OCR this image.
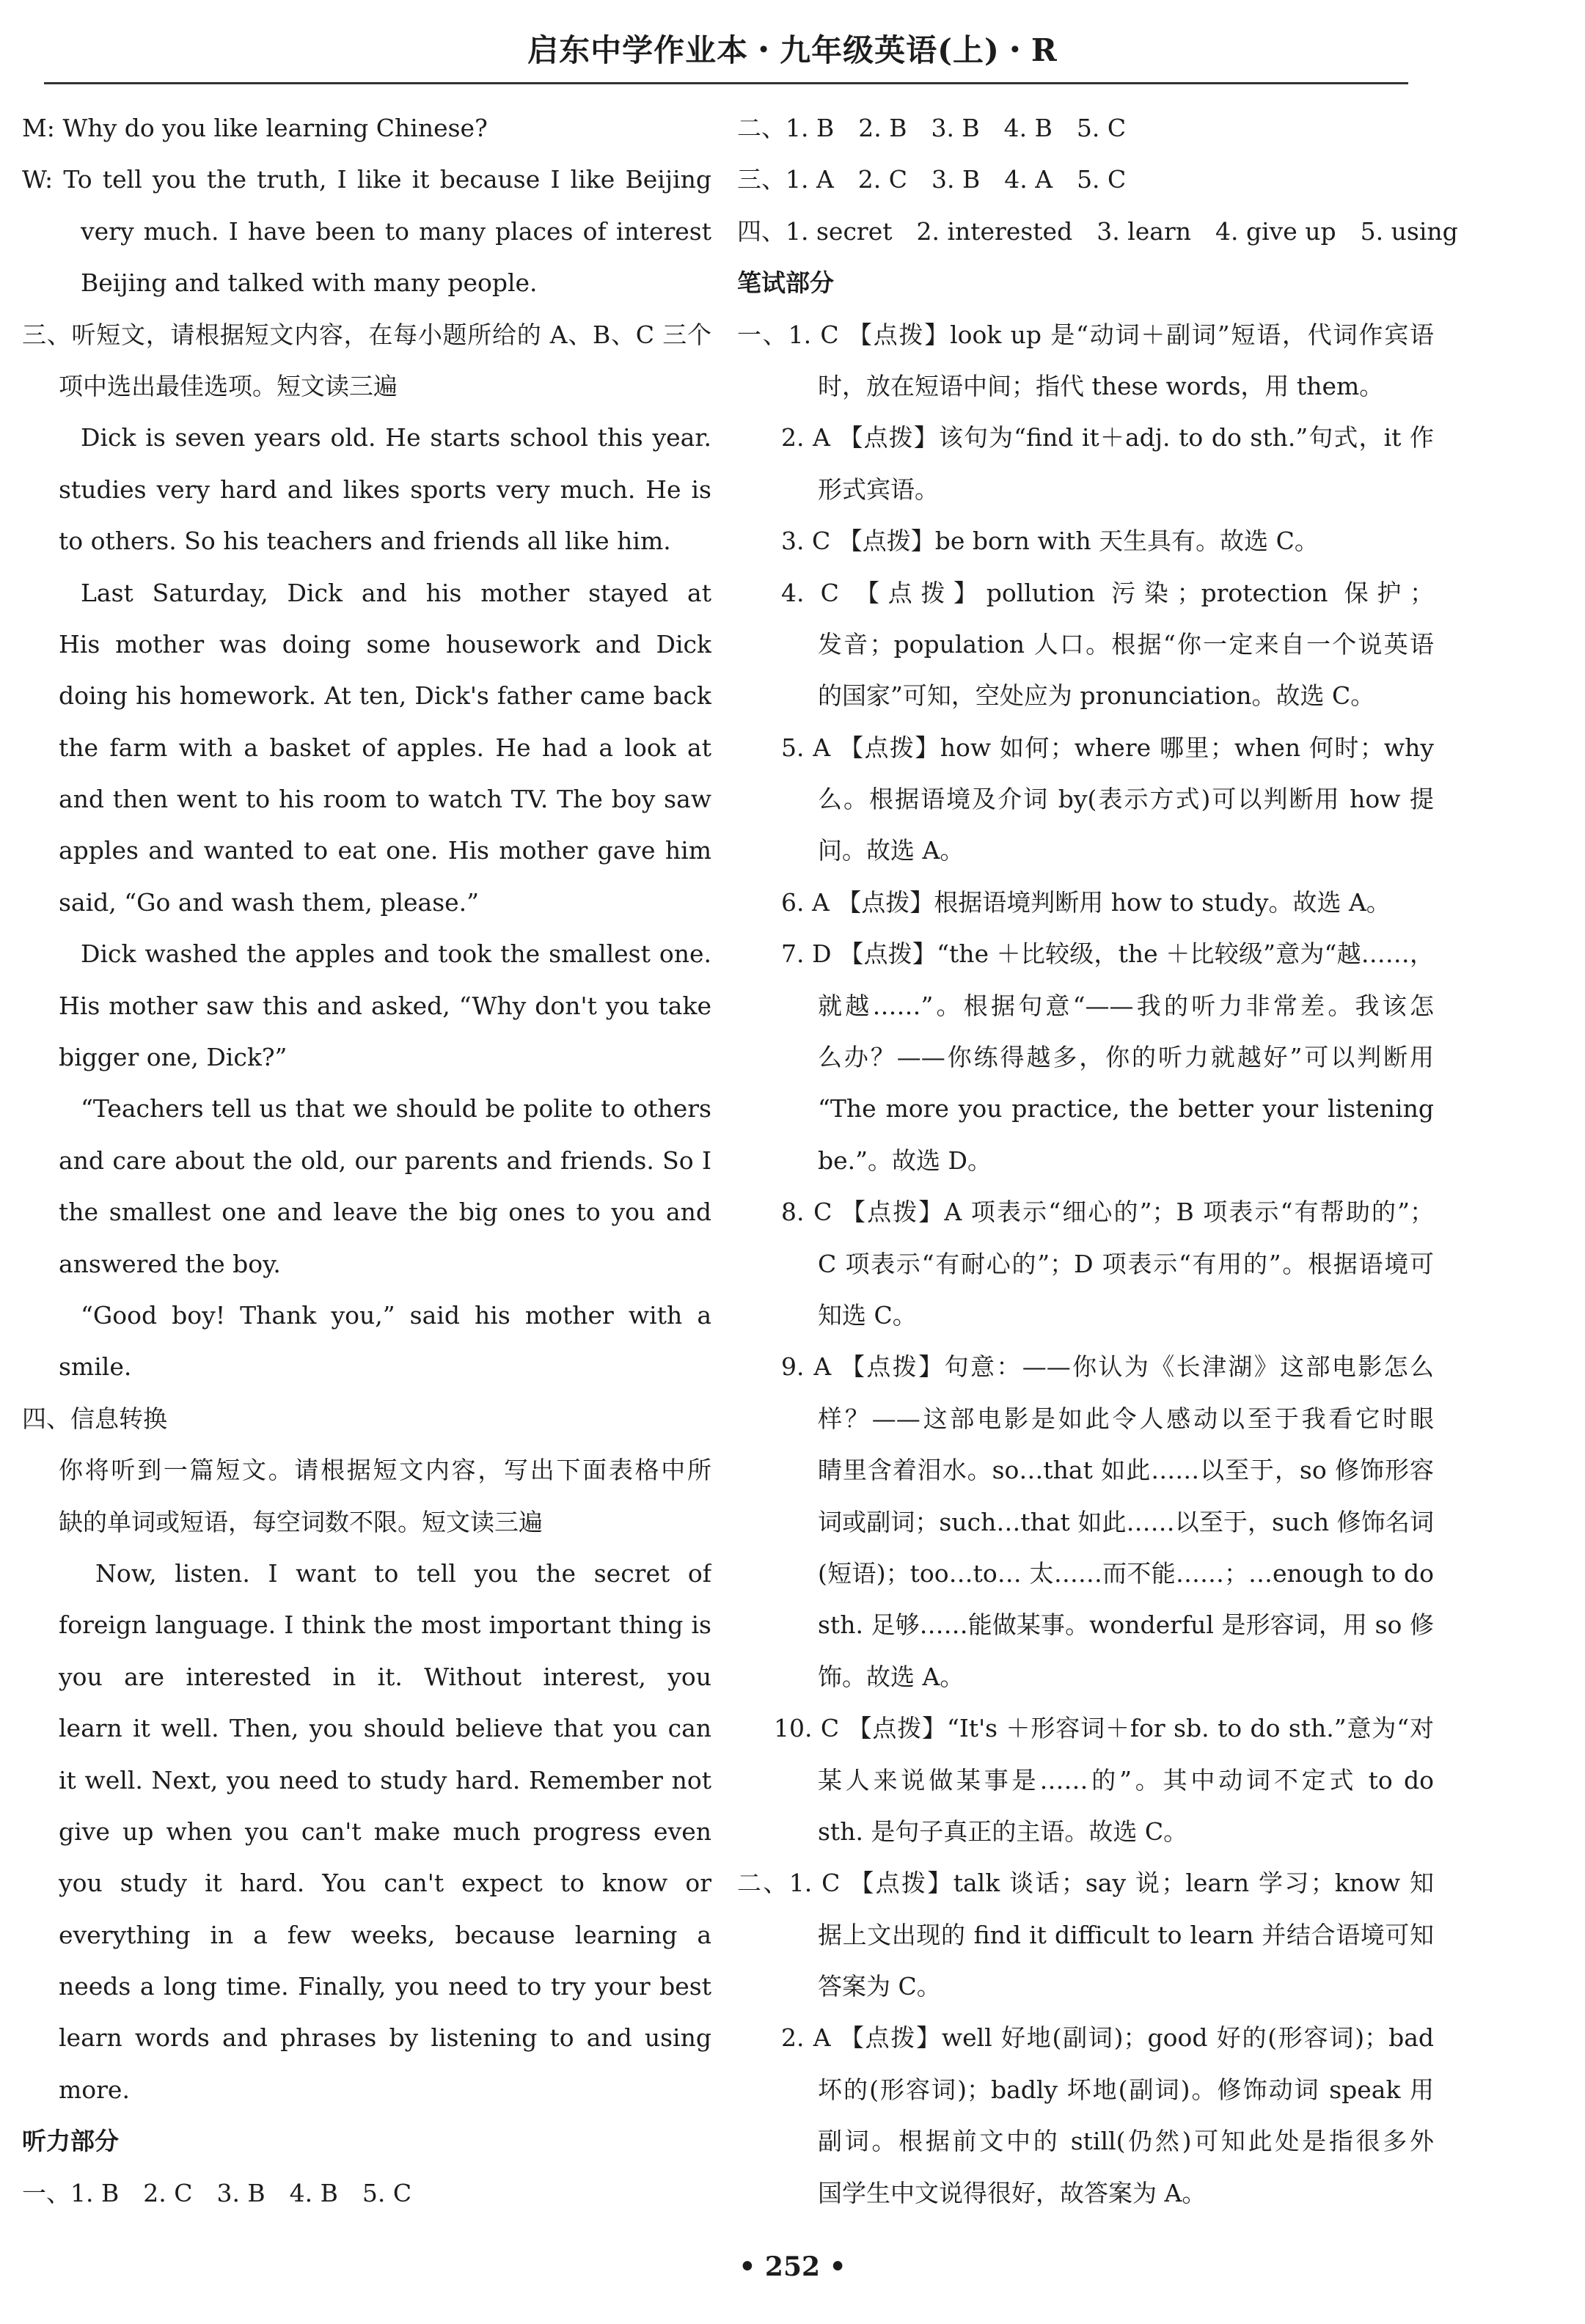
启东中学作业本・九年级英语(上)・R
M: Why do you like learning Chinese?
W: To tell you the truth, I like it because I like Beijing
very much. I have been to many places of interest
Beijing and talked with many people.
三、听短文，请根据短文内容，在每小题所给的 A、B、C 三个
项中选出最佳选项。短文读三遍
Dick is seven years old. He starts school this year.
studies very hard and likes sports very much. He is
to others. So his teachers and friends all like him.
Last Saturday, Dick and his mother stayed at
His mother was doing some housework and Dick
doing his homework. At ten, Dick's father came back
the farm with a basket of apples. He had a look at
and then went to his room to watch TV. The boy saw
apples and wanted to eat one. His mother gave him
said, “Go and wash them, please.”
Dick washed the apples and took the smallest one.
His mother saw this and asked, “Why don't you take
bigger one, Dick?”
“Teachers tell us that we should be polite to others
and care about the old, our parents and friends. So I
the smallest one and leave the big ones to you and
answered the boy.
“Good boy! Thank you,” said his mother with a
smile.
四、信息转换
你将听到一篇短文。请根据短文内容，写出下面表格中所
缺的单词或短语，每空词数不限。短文读三遍
Now, listen. I want to tell you the secret of
foreign language. I think the most important thing is
you are interested in it. Without interest, you
learn it well. Then, you should believe that you can
it well. Next, you need to study hard. Remember not
give up when you can't make much progress even
you study it hard. You can't expect to know or
everything in a few weeks, because learning a
needs a long time. Finally, you need to try your best
learn words and phrases by listening to and using
more.
听力部分
一、1. B　2. C　3. B　4. B　5. C
二、1. B　2. B　3. B　4. B　5. C
三、1. A　2. C　3. B　4. A　5. C
四、1. secret　2. interested　3. learn　4. give up　5. using
笔试部分
一、1. C 【点拨】look up 是“动词＋副词”短语，代词作宾语
时，放在短语中间；指代 these words，用 them。
2. A 【点拨】该句为“find it＋adj. to do sth.”句式，it 作
形式宾语。
3. C 【点拨】be born with 天生具有。故选 C。
4. C 【点拨】pollution 污染；protection 保护；
发音；population 人口。根据“你一定来自一个说英语
的国家”可知，空处应为 pronunciation。故选 C。
5. A 【点拨】how 如何；where 哪里；when 何时；why
么。根据语境及介词 by(表示方式)可以判断用 how 提
问。故选 A。
6. A 【点拨】根据语境判断用 how to study。故选 A。
7. D 【点拨】“the ＋比较级，the ＋比较级”意为“越……，
就越……”。根据句意“——我的听力非常差。我该怎
么办？——你练得越多，你的听力就越好”可以判断用
“The more you practice, the better your listening
be.”。故选 D。
8. C 【点拨】A 项表示“细心的”；B 项表示“有帮助的”；
C 项表示“有耐心的”；D 项表示“有用的”。根据语境可
知选 C。
9. A 【点拨】句意：——你认为《长津湖》这部电影怎么
样？——这部电影是如此令人感动以至于我看它时眼
睛里含着泪水。so…that 如此……以至于，so 修饰形容
词或副词；such…that 如此……以至于，such 修饰名词
(短语)；too…to… 太……而不能……；…enough to do
sth. 足够……能做某事。wonderful 是形容词，用 so 修
饰。故选 A。
10. C 【点拨】“It's ＋形容词＋for sb. to do sth.”意为“对
某人来说做某事是……的”。其中动词不定式 to do
sth. 是句子真正的主语。故选 C。
二、1. C 【点拨】talk 谈话；say 说；learn 学习；know 知
据上文出现的 find it difficult to learn 并结合语境可知
答案为 C。
2. A 【点拨】well 好地(副词)；good 好的(形容词)；bad
坏的(形容词)；badly 坏地(副词)。修饰动词 speak 用
副词。根据前文中的 still(仍然)可知此处是指很多外
国学生中文说得很好，故答案为 A。
• 252 •
